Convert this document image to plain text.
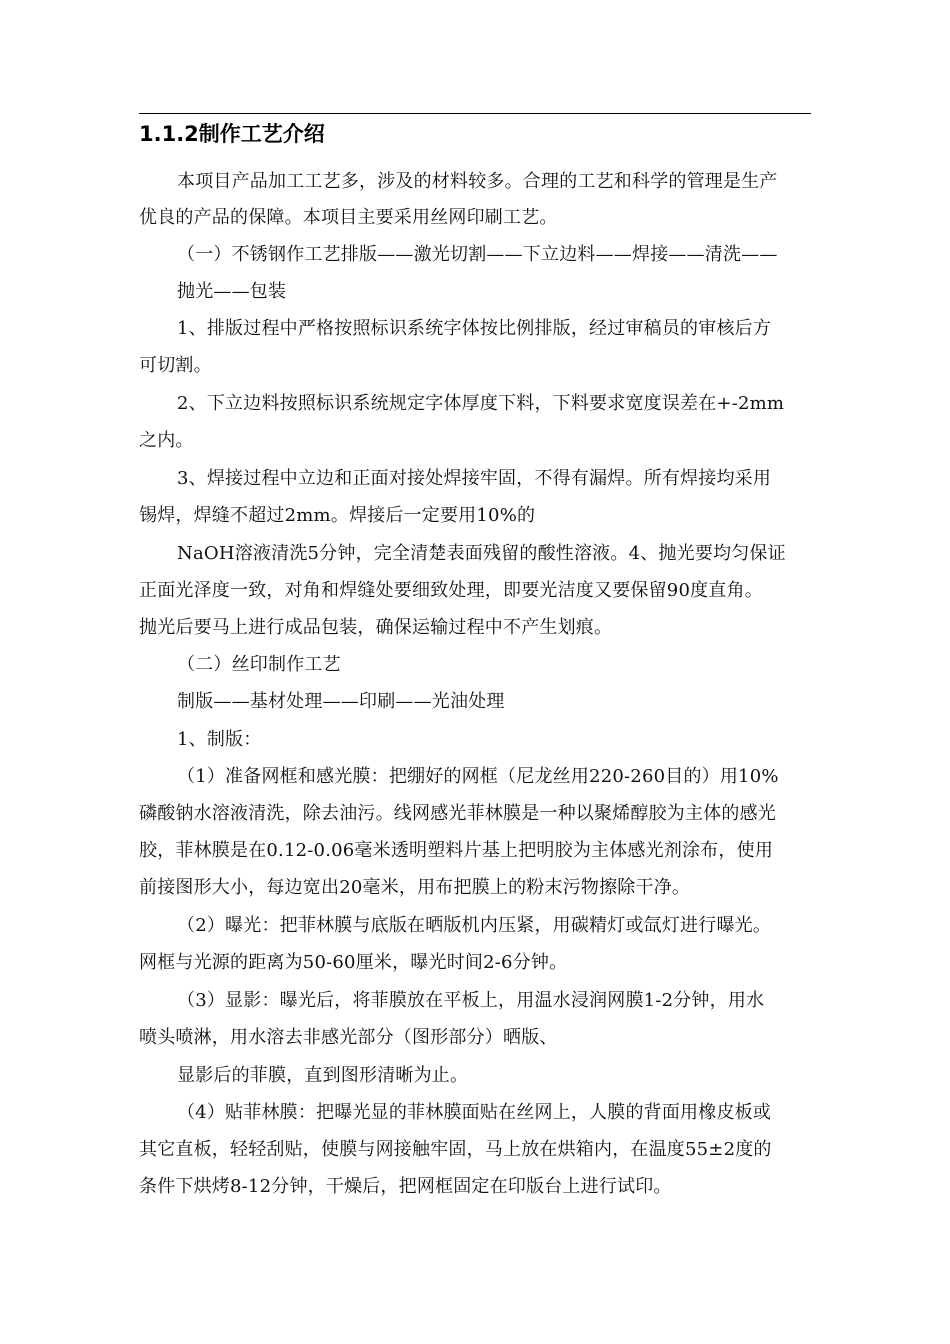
1.1.2制作工艺介绍
本项目产品加工工艺多，涉及的材料较多。合理的工艺和科学的管理是生产
优良的产品的保障。本项目主要采用丝网印刷工艺。
（一）不锈钢作工艺排版——激光切割——下立边料——焊接——清洗——
抛光——包装
1、排版过程中严格按照标识系统字体按比例排版，经过审稿员的审核后方
可切割。
2、下立边料按照标识系统规定字体厚度下料，下料要求宽度误差在+-2mm
之内。
3、焊接过程中立边和正面对接处焊接牢固，不得有漏焊。所有焊接均采用
锡焊，焊缝不超过2mm。焊接后一定要用10%的
NaOH溶液清洗5分钟，完全清楚表面残留的酸性溶液。4、抛光要均匀保证
正面光泽度一致，对角和焊缝处要细致处理，即要光洁度又要保留90度直角。
抛光后要马上进行成品包装，确保运输过程中不产生划痕。
（二）丝印制作工艺
制版——基材处理——印刷——光油处理
1、制版：
（1）准备网框和感光膜：把绷好的网框（尼龙丝用220-260目的）用10%
磷酸钠水溶液清洗，除去油污。线网感光菲林膜是一种以聚烯醇胶为主体的感光
胶，菲林膜是在0.12-0.06毫米透明塑料片基上把明胶为主体感光剂涂布，使用
前接图形大小，每边宽出20毫米，用布把膜上的粉末污物擦除干净。
（2）曝光：把菲林膜与底版在晒版机内压紧，用碳精灯或氙灯进行曝光。
网框与光源的距离为50-60厘米，曝光时间2-6分钟。
（3）显影：曝光后，将菲膜放在平板上，用温水浸润网膜1-2分钟，用水
喷头喷淋，用水溶去非感光部分（图形部分）晒版、
显影后的菲膜，直到图形清晰为止。
（4）贴菲林膜：把曝光显的菲林膜面贴在丝网上，人膜的背面用橡皮板或
其它直板，轻轻刮贴，使膜与网接触牢固，马上放在烘箱内，在温度55±2度的
条件下烘烤8-12分钟，干燥后，把网框固定在印版台上进行试印。
